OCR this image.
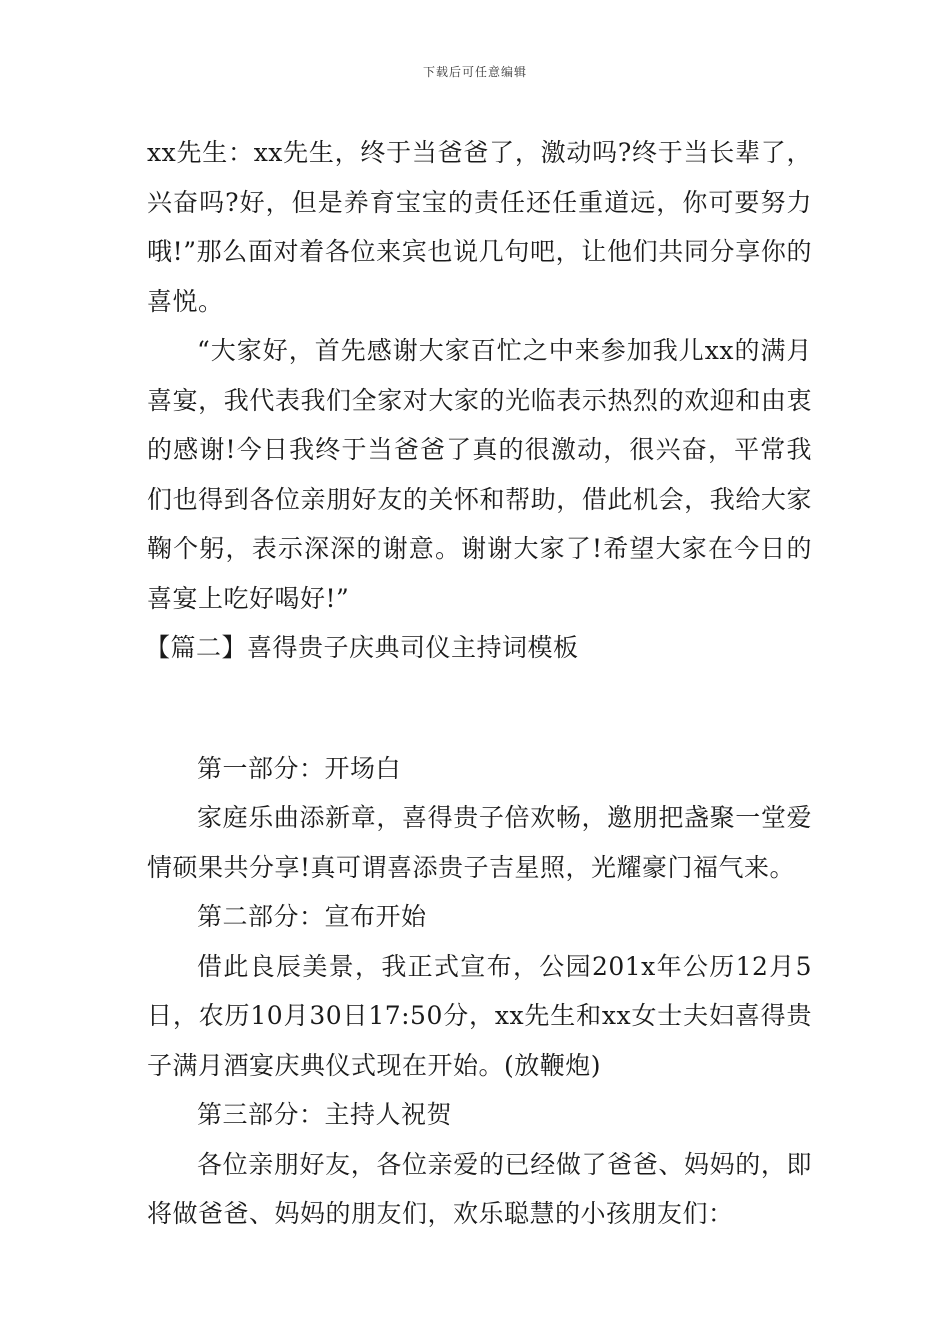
下载后可任意编辑

xx先生：xx先生，终于当爸爸了，激动吗?终于当长辈了，兴奋吗?好，但是养育宝宝的责任还任重道远，你可要努力哦!”那么面对着各位来宾也说几句吧，让他们共同分享你的喜悦。

“大家好，首先感谢大家百忙之中来参加我儿xx的满月喜宴，我代表我们全家对大家的光临表示热烈的欢迎和由衷的感谢!今日我终于当爸爸了真的很激动，很兴奋，平常我们也得到各位亲朋好友的关怀和帮助，借此机会，我给大家鞠个躬，表示深深的谢意。谢谢大家了!希望大家在今日的喜宴上吃好喝好!”

【篇二】喜得贵子庆典司仪主持词模板

第一部分：开场白

家庭乐曲添新章，喜得贵子倍欢畅，邀朋把盏聚一堂爱情硕果共分享!真可谓喜添贵子吉星照，光耀豪门福气来。

第二部分：宣布开始

借此良辰美景，我正式宣布，公园201x年公历12月5日，农历10月30日17:50分，xx先生和xx女士夫妇喜得贵子满月酒宴庆典仪式现在开始。(放鞭炮)

第三部分：主持人祝贺

各位亲朋好友，各位亲爱的已经做了爸爸、妈妈的，即将做爸爸、妈妈的朋友们，欢乐聪慧的小孩朋友们：
